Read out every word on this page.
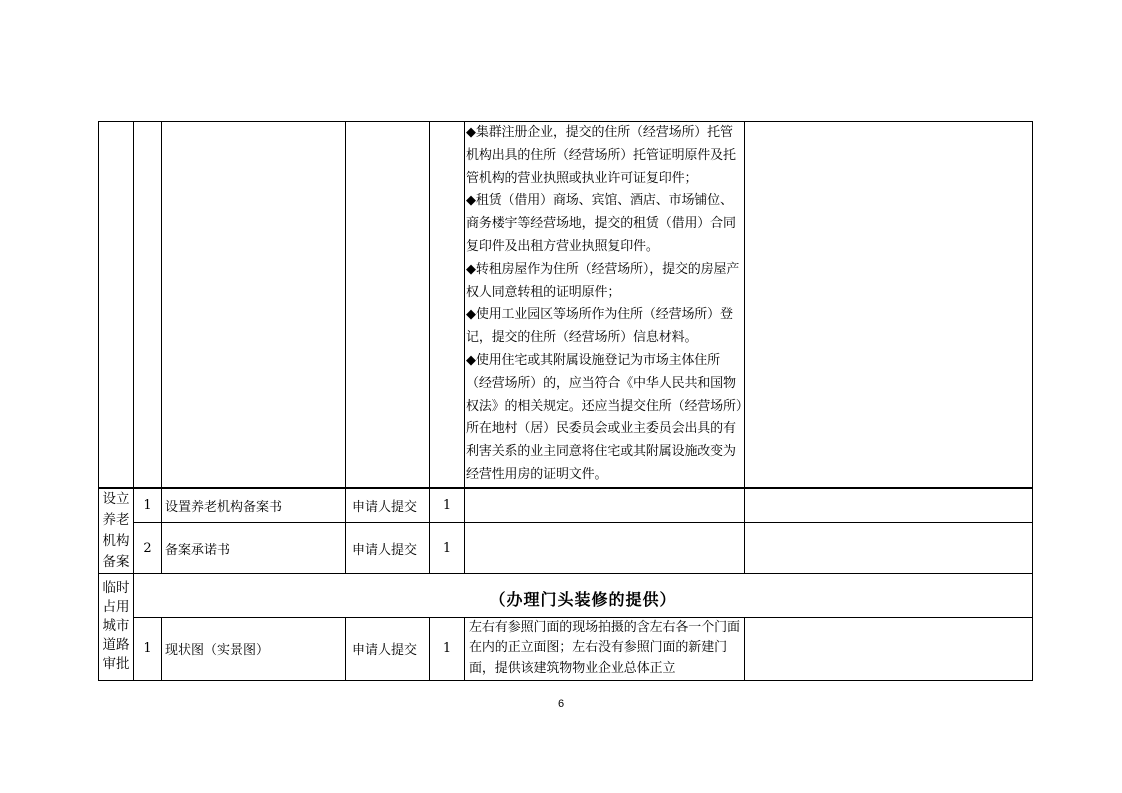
					◆集群注册企业，提交的住所（经营场所）托管机构出具的住所（经营场所）托管证明原件及托管机构的营业执照或执业许可证复印件；
◆租赁（借用）商场、宾馆、酒店、市场铺位、商务楼宇等经营场地，提交的租赁（借用）合同复印件及出租方营业执照复印件。
◆转租房屋作为住所（经营场所），提交的房屋产权人同意转租的证明原件；
◆使用工业园区等场所作为住所（经营场所）登记，提交的住所（经营场所）信息材料。
◆使用住宅或其附属设施登记为市场主体住所（经营场所）的，应当符合《中华人民共和国物权法》的相关规定。还应当提交住所（经营场所）所在地村（居）民委员会或业主委员会出具的有利害关系的业主同意将住宅或其附属设施改变为经营性用房的证明文件。	

设立养老机构备案	1	设置养老机构备案书	申请人提交	1		
	2	备案承诺书	申请人提交	1		
临时占用城市道路审批	（办理门头装修的提供）					
	1	现状图（实景图）	申请人提交	1	左右有参照门面的现场拍摄的含左右各一个门面在内的正立面图；左右没有参照门面的新建门面，提供该建筑物物业企业总体正立	
6
